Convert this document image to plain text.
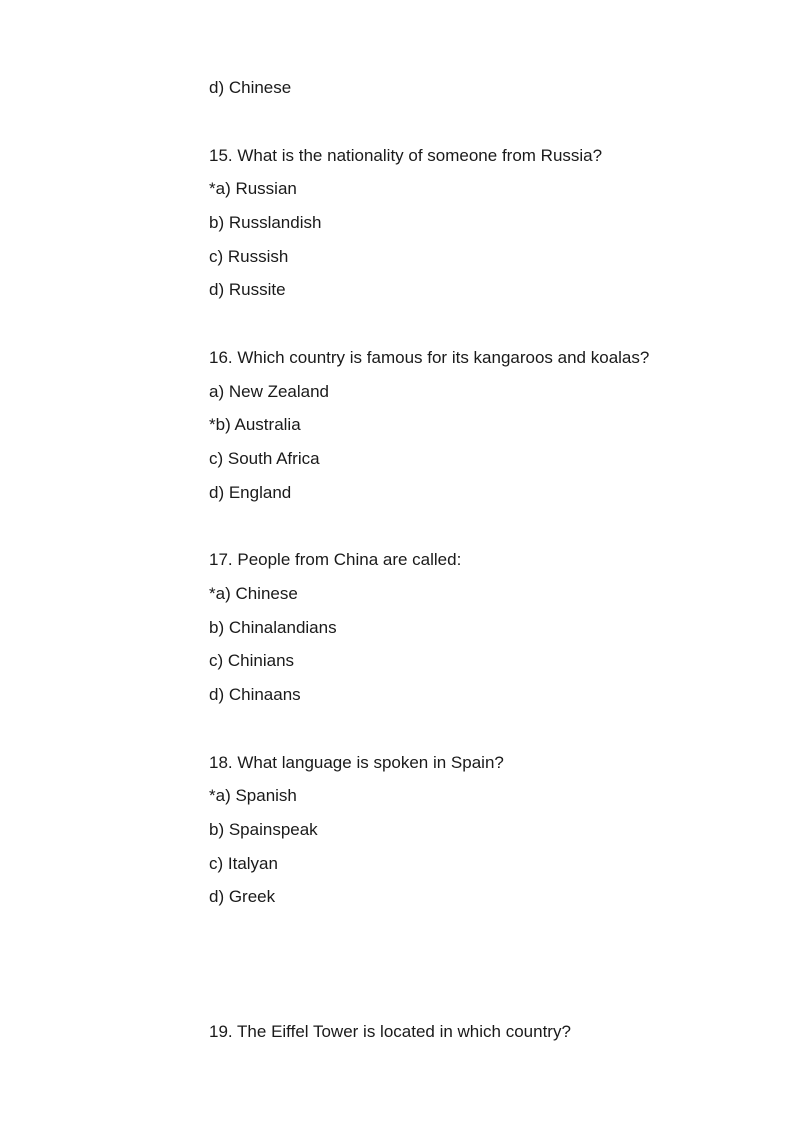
d) Chinese
15. What is the nationality of someone from Russia?
*a) Russian
b) Russlandish
c) Russish
d) Russite
16. Which country is famous for its kangaroos and koalas?
a) New Zealand
*b) Australia
c) South Africa
d) England
17. People from China are called:
*a) Chinese
b) Chinalandians
c) Chinians
d) Chinaans
18. What language is spoken in Spain?
*a) Spanish
b) Spainspeak
c) Italyan
d) Greek
19. The Eiffel Tower is located in which country?
